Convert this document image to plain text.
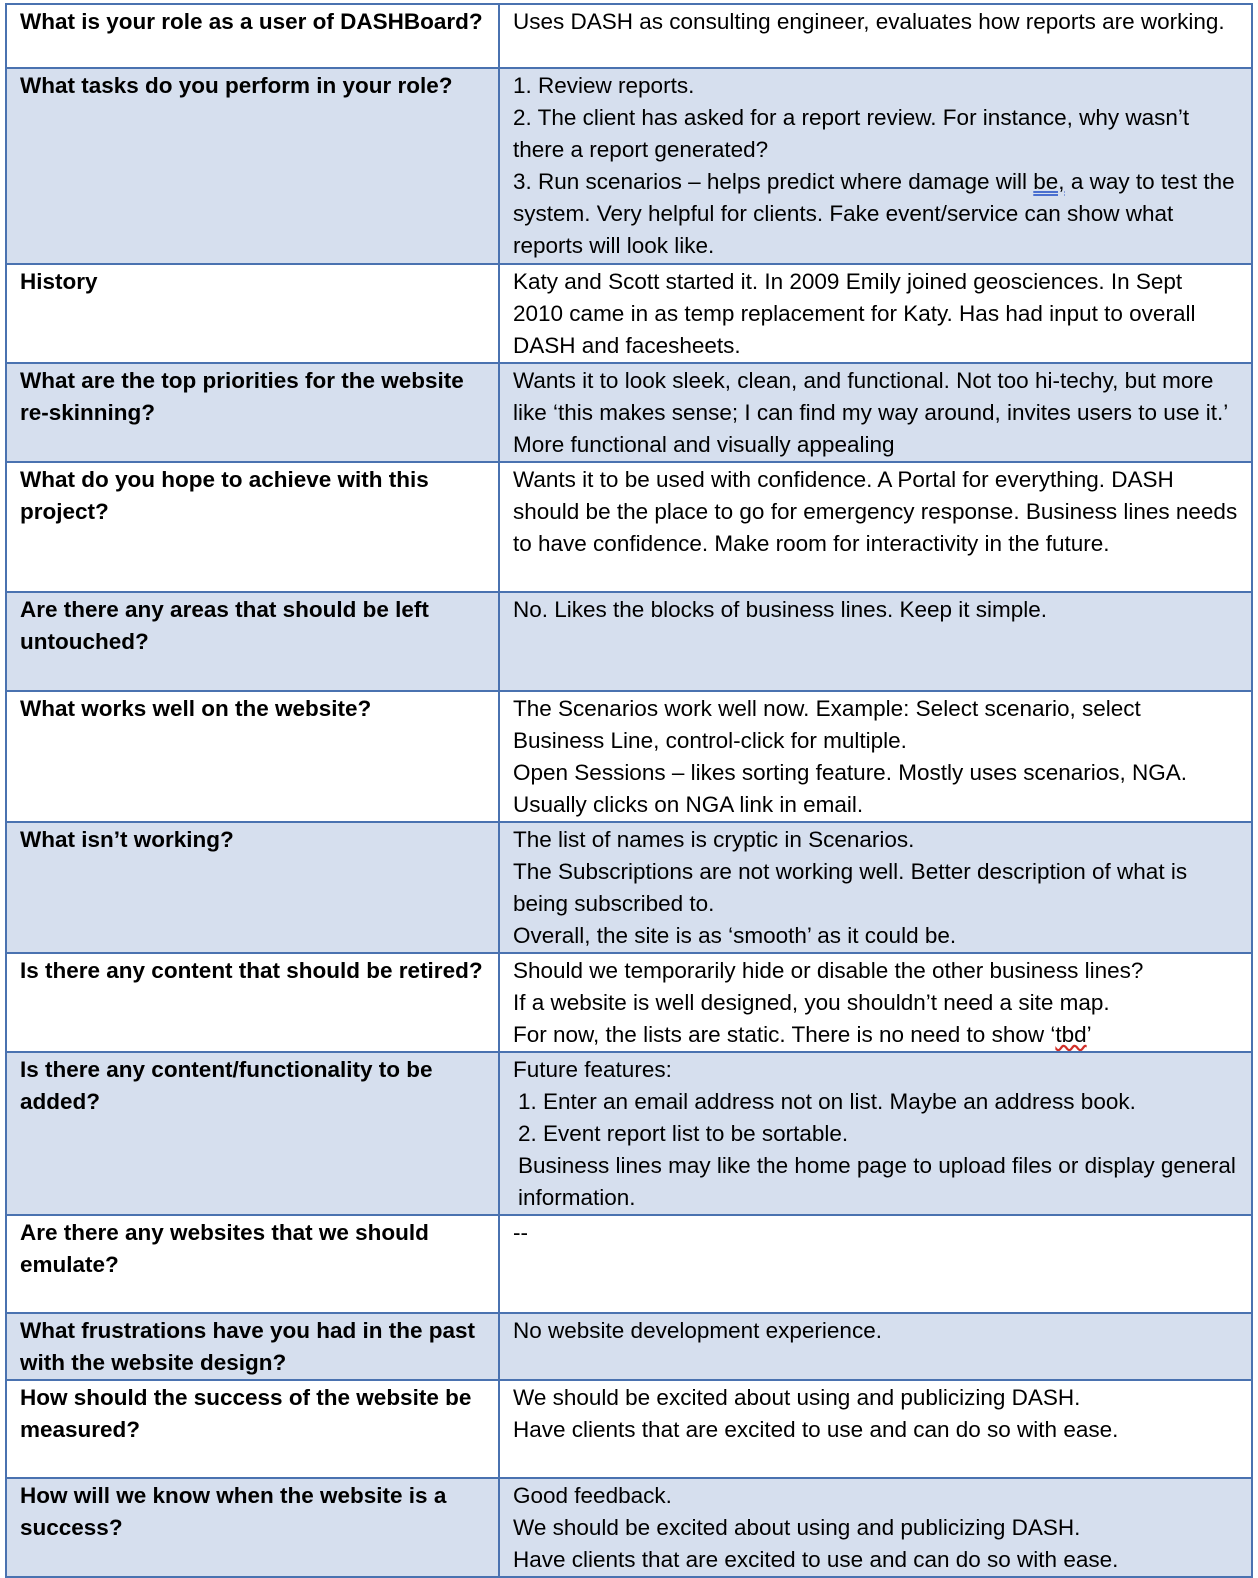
What is your role as a user of DASHBoard?	Uses DASH as consulting engineer, evaluates how reports are working.

What tasks do you perform in your role?	1. Review reports.
2. The client has asked for a report review. For instance, why wasn’t there a report generated?
3. Run scenarios – helps predict where damage will be, a way to test the system. Very helpful for clients. Fake event/service can show what reports will look like.

History	Katy and Scott started it. In 2009 Emily joined geosciences. In Sept 2010 came in as temp replacement for Katy. Has had input to overall DASH and facesheets.

What are the top priorities for the website re-skinning?	Wants it to look sleek, clean, and functional. Not too hi-techy, but more like ‘this makes sense; I can find my way around, invites users to use it.’ More functional and visually appealing

What do you hope to achieve with this project?	Wants it to be used with confidence. A Portal for everything. DASH should be the place to go for emergency response. Business lines needs to have confidence. Make room for interactivity in the future.

Are there any areas that should be left untouched?	No. Likes the blocks of business lines. Keep it simple.

What works well on the website?	The Scenarios work well now. Example: Select scenario, select Business Line, control-click for multiple.
Open Sessions – likes sorting feature. Mostly uses scenarios, NGA. Usually clicks on NGA link in email.

What isn’t working?	The list of names is cryptic in Scenarios.
The Subscriptions are not working well. Better description of what is being subscribed to.
Overall, the site is as ‘smooth’ as it could be.

Is there any content that should be retired?	Should we temporarily hide or disable the other business lines?
If a website is well designed, you shouldn’t need a site map.
For now, the lists are static. There is no need to show ‘tbd’

Is there any content/functionality to be added?	Future features:
1. Enter an email address not on list. Maybe an address book.
2. Event report list to be sortable.
Business lines may like the home page to upload files or display general information.

Are there any websites that we should emulate?	--

What frustrations have you had in the past with the website design?	No website development experience.

How should the success of the website be measured?	We should be excited about using and publicizing DASH.
Have clients that are excited to use and can do so with ease.

How will we know when the website is a success?	Good feedback.
We should be excited about using and publicizing DASH.
Have clients that are excited to use and can do so with ease.
